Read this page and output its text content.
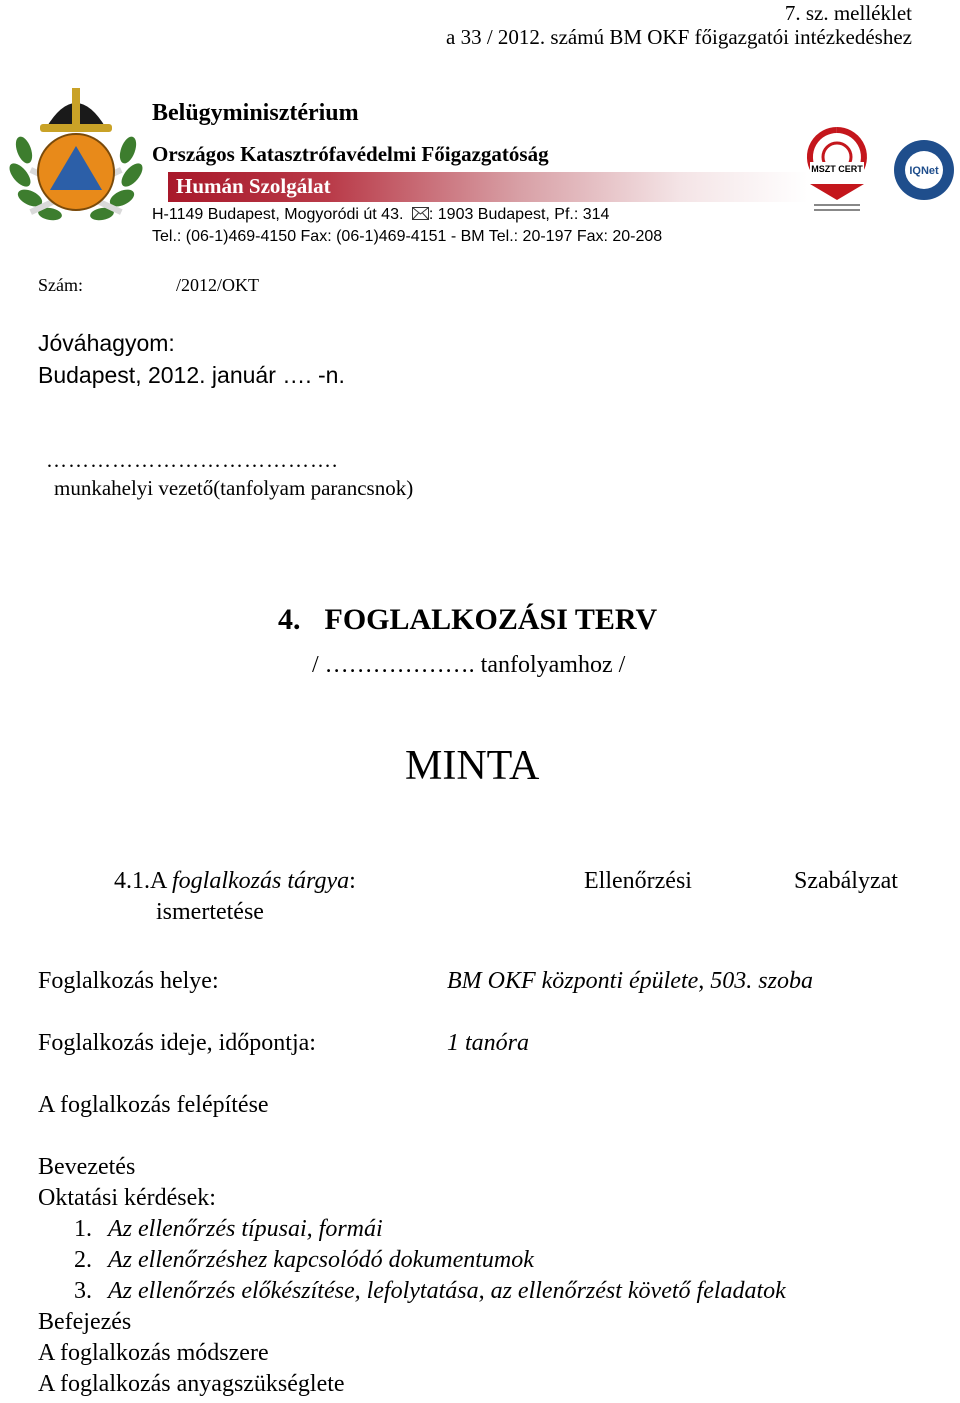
7. sz. melléklet
a 33 / 2012. számú BM OKF főigazgatói intézkedéshez
Belügyminisztérium
Országos Katasztrófavédelmi Főigazgatóság
Humán Szolgálat
H-1149 Budapest, Mogyoródi út 43. : 1903 Budapest, Pf.: 314
Tel.: (06-1)469-4150 Fax: (06-1)469-4151 - BM Tel.: 20-197 Fax: 20-208
MSZT CERT	IQNet
Szám:	/2012/OKT
Jóváhagyom:
Budapest, 2012. január …. -n.
………………………………….
munkahelyi vezető(tanfolyam parancsnok)
4. FOGLALKOZÁSI TERV
/ ………………. tanfolyamhoz /
MINTA
4.1.A foglalkozás tárgya:	Ellenőrzési	Szabályzat
ismertetése
Foglalkozás helye:	BM OKF központi épülete, 503. szoba
Foglalkozás ideje, időpontja:	1 tanóra
A foglalkozás felépítése
Bevezetés
Oktatási kérdések:
1. Az ellenőrzés típusai, formái
2. Az ellenőrzéshez kapcsolódó dokumentumok
3. Az ellenőrzés előkészítése, lefolytatása, az ellenőrzést követő feladatok
Befejezés
A foglalkozás módszere
A foglalkozás anyagszükséglete
